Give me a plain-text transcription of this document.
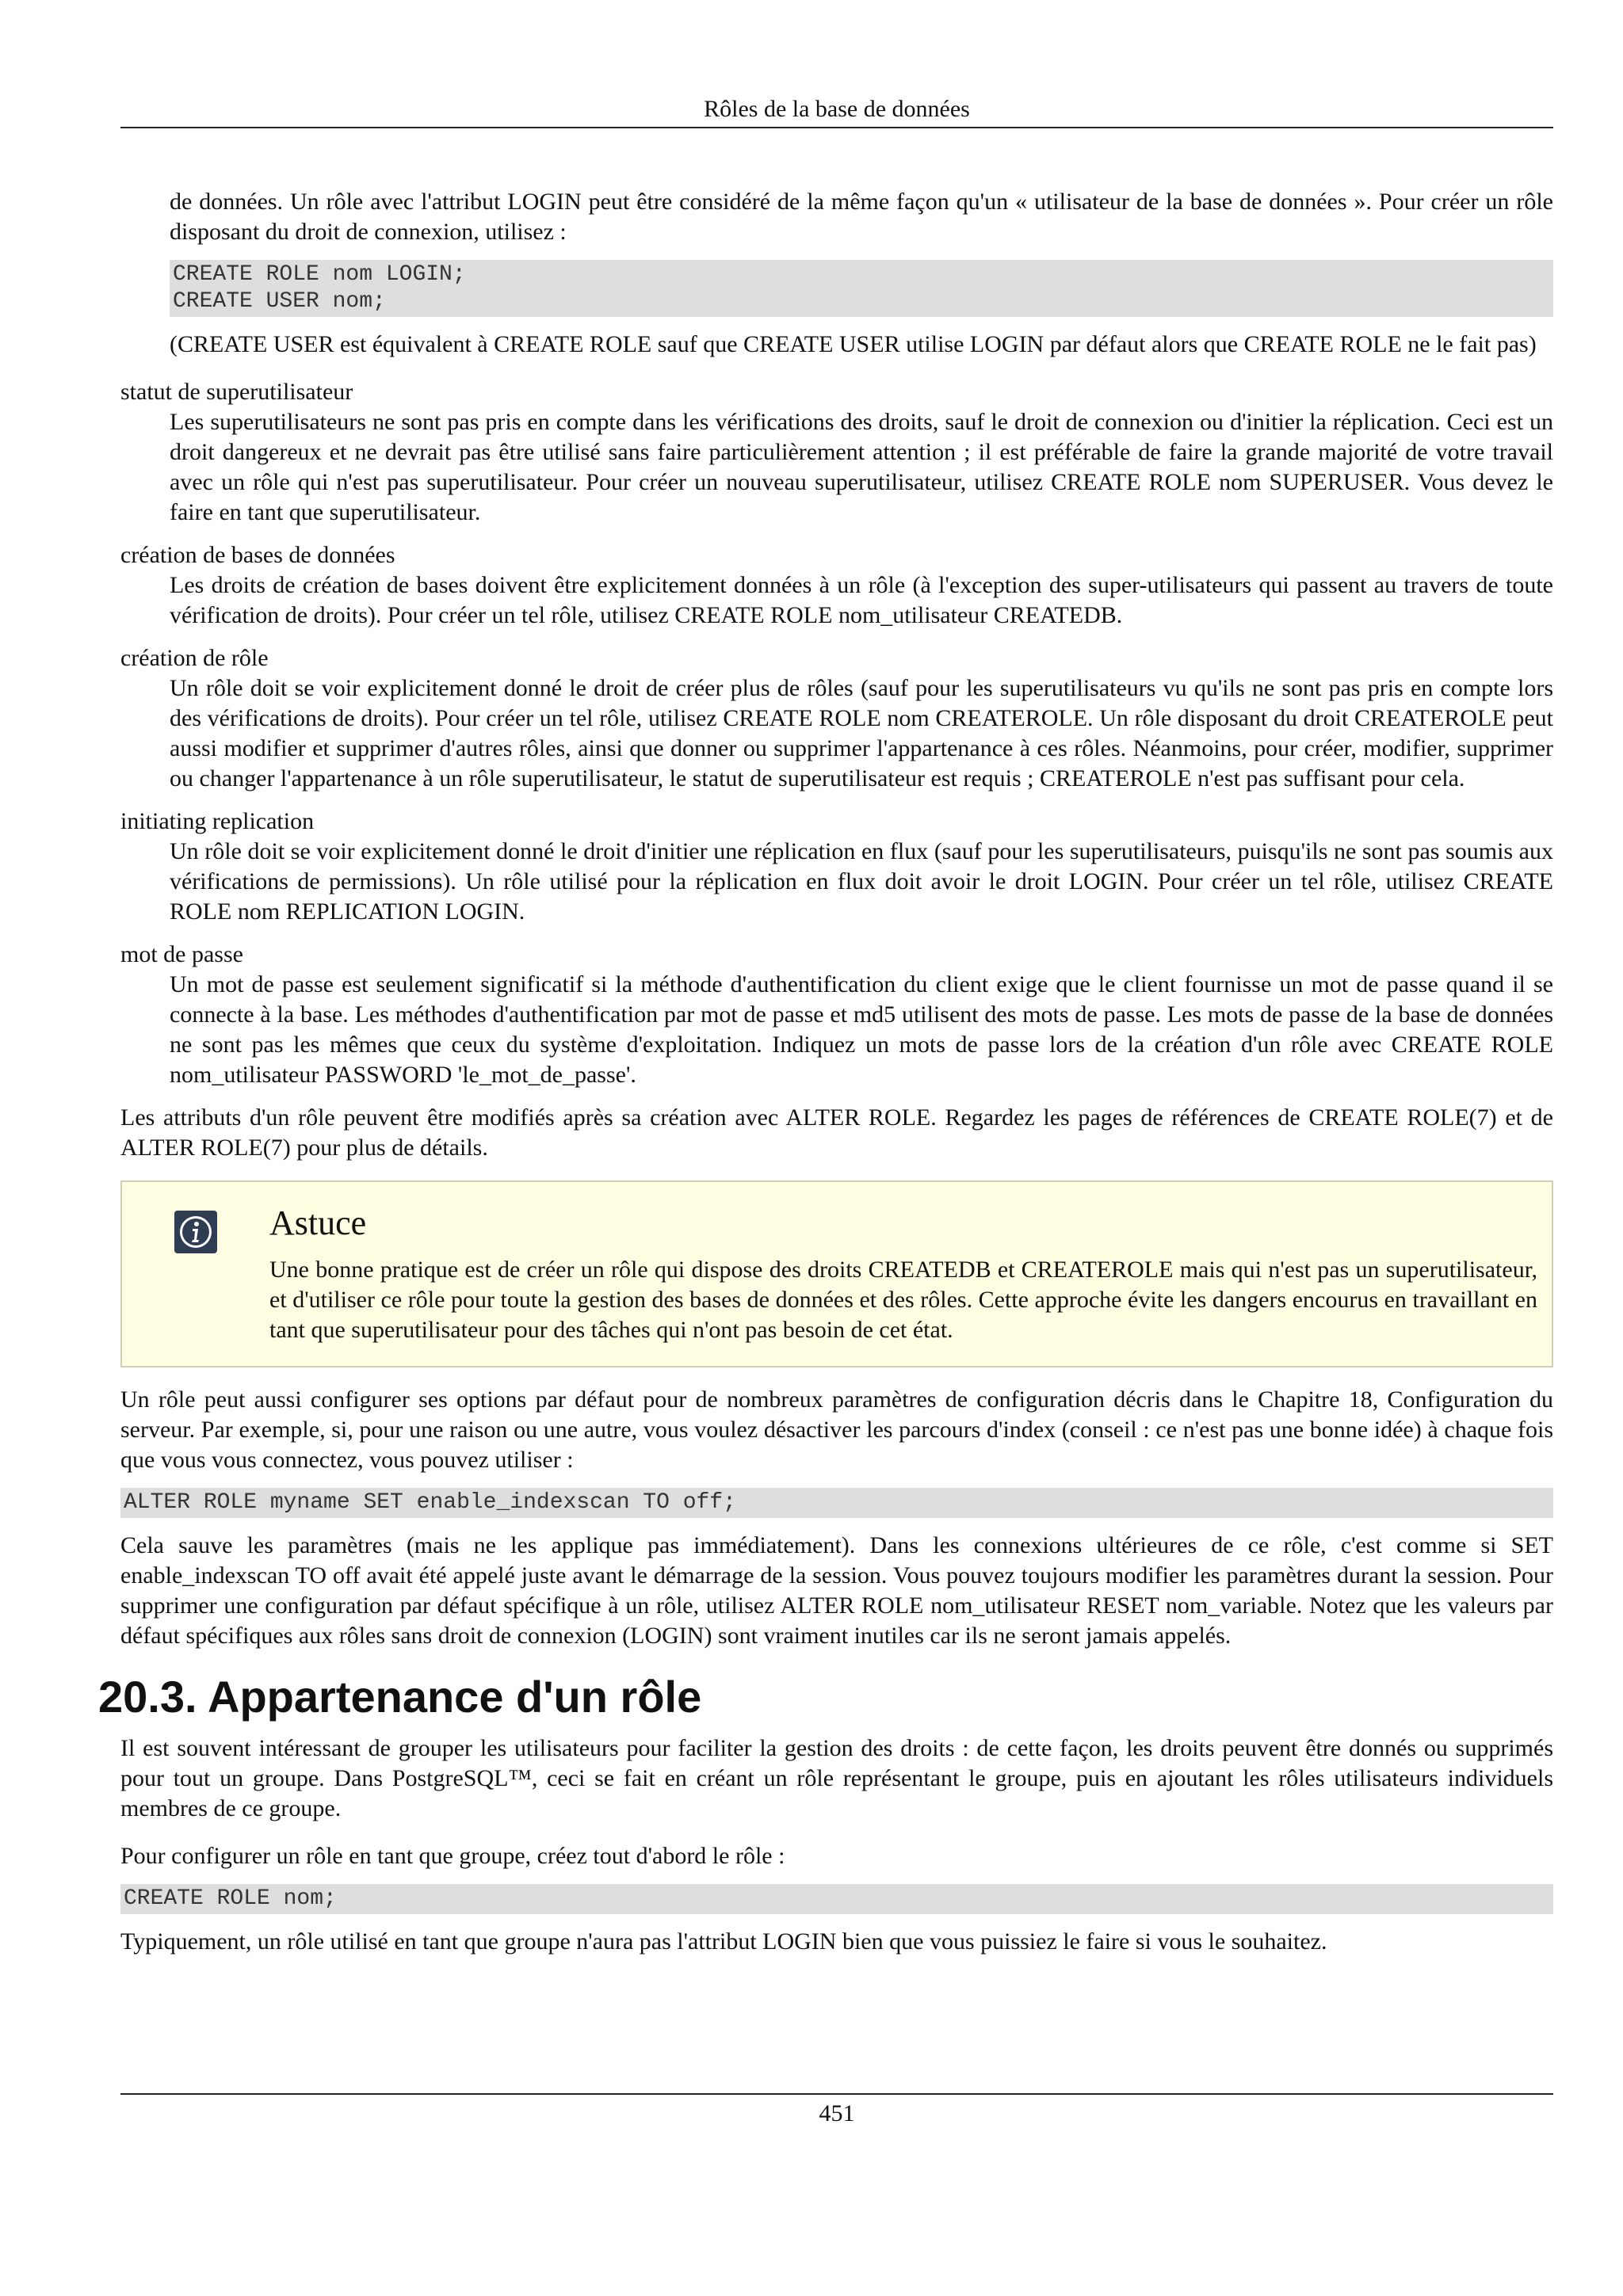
Rôles de la base de données

de données. Un rôle avec l'attribut LOGIN peut être considéré de la même façon qu'un « utilisateur de la base de données ». Pour créer un rôle disposant du droit de connexion, utilisez :

CREATE ROLE nom LOGIN;
CREATE USER nom;

(CREATE USER est équivalent à CREATE ROLE sauf que CREATE USER utilise LOGIN par défaut alors que CREATE ROLE ne le fait pas)

statut de superutilisateur

Les superutilisateurs ne sont pas pris en compte dans les vérifications des droits, sauf le droit de connexion ou d'initier la réplication. Ceci est un droit dangereux et ne devrait pas être utilisé sans faire particulièrement attention ; il est préférable de faire la grande majorité de votre travail avec un rôle qui n'est pas superutilisateur. Pour créer un nouveau superutilisateur, utilisez CREATE ROLE nom SUPERUSER. Vous devez le faire en tant que superutilisateur.

création de bases de données

Les droits de création de bases doivent être explicitement données à un rôle (à l'exception des super-utilisateurs qui passent au travers de toute vérification de droits). Pour créer un tel rôle, utilisez CREATE ROLE nom_utilisateur CREATEDB.

création de rôle

Un rôle doit se voir explicitement donné le droit de créer plus de rôles (sauf pour les superutilisateurs vu qu'ils ne sont pas pris en compte lors des vérifications de droits). Pour créer un tel rôle, utilisez CREATE ROLE nom CREATEROLE. Un rôle disposant du droit CREATEROLE peut aussi modifier et supprimer d'autres rôles, ainsi que donner ou supprimer l'appartenance à ces rôles. Néanmoins, pour créer, modifier, supprimer ou changer l'appartenance à un rôle superutilisateur, le statut de superutilisateur est requis ; CREATEROLE n'est pas suffisant pour cela.

initiating replication

Un rôle doit se voir explicitement donné le droit d'initier une réplication en flux (sauf pour les superutilisateurs, puisqu'ils ne sont pas soumis aux vérifications de permissions). Un rôle utilisé pour la réplication en flux doit avoir le droit LOGIN. Pour créer un tel rôle, utilisez CREATE ROLE nom REPLICATION LOGIN.

mot de passe

Un mot de passe est seulement significatif si la méthode d'authentification du client exige que le client fournisse un mot de passe quand il se connecte à la base. Les méthodes d'authentification par mot de passe et md5 utilisent des mots de passe. Les mots de passe de la base de données ne sont pas les mêmes que ceux du système d'exploitation. Indiquez un mots de passe lors de la création d'un rôle avec CREATE ROLE nom_utilisateur PASSWORD 'le_mot_de_passe'.

Les attributs d'un rôle peuvent être modifiés après sa création avec ALTER ROLE. Regardez les pages de références de CREATE ROLE(7) et de ALTER ROLE(7) pour plus de détails.

Astuce

Une bonne pratique est de créer un rôle qui dispose des droits CREATEDB et CREATEROLE mais qui n'est pas un superutilisateur, et d'utiliser ce rôle pour toute la gestion des bases de données et des rôles. Cette approche évite les dangers encourus en travaillant en tant que superutilisateur pour des tâches qui n'ont pas besoin de cet état.

Un rôle peut aussi configurer ses options par défaut pour de nombreux paramètres de configuration décris dans le Chapitre 18, Configuration du serveur. Par exemple, si, pour une raison ou une autre, vous voulez désactiver les parcours d'index (conseil : ce n'est pas une bonne idée) à chaque fois que vous vous connectez, vous pouvez utiliser :

ALTER ROLE myname SET enable_indexscan TO off;

Cela sauve les paramètres (mais ne les applique pas immédiatement). Dans les connexions ultérieures de ce rôle, c'est comme si SET enable_indexscan TO off avait été appelé juste avant le démarrage de la session. Vous pouvez toujours modifier les paramètres durant la session. Pour supprimer une configuration par défaut spécifique à un rôle, utilisez ALTER ROLE nom_utilisateur RESET nom_variable. Notez que les valeurs par défaut spécifiques aux rôles sans droit de connexion (LOGIN) sont vraiment inutiles car ils ne seront jamais appelés.

20.3. Appartenance d'un rôle

Il est souvent intéressant de grouper les utilisateurs pour faciliter la gestion des droits : de cette façon, les droits peuvent être donnés ou supprimés pour tout un groupe. Dans PostgreSQL™, ceci se fait en créant un rôle représentant le groupe, puis en ajoutant les rôles utilisateurs individuels membres de ce groupe.

Pour configurer un rôle en tant que groupe, créez tout d'abord le rôle :

CREATE ROLE nom;

Typiquement, un rôle utilisé en tant que groupe n'aura pas l'attribut LOGIN bien que vous puissiez le faire si vous le souhaitez.

451
